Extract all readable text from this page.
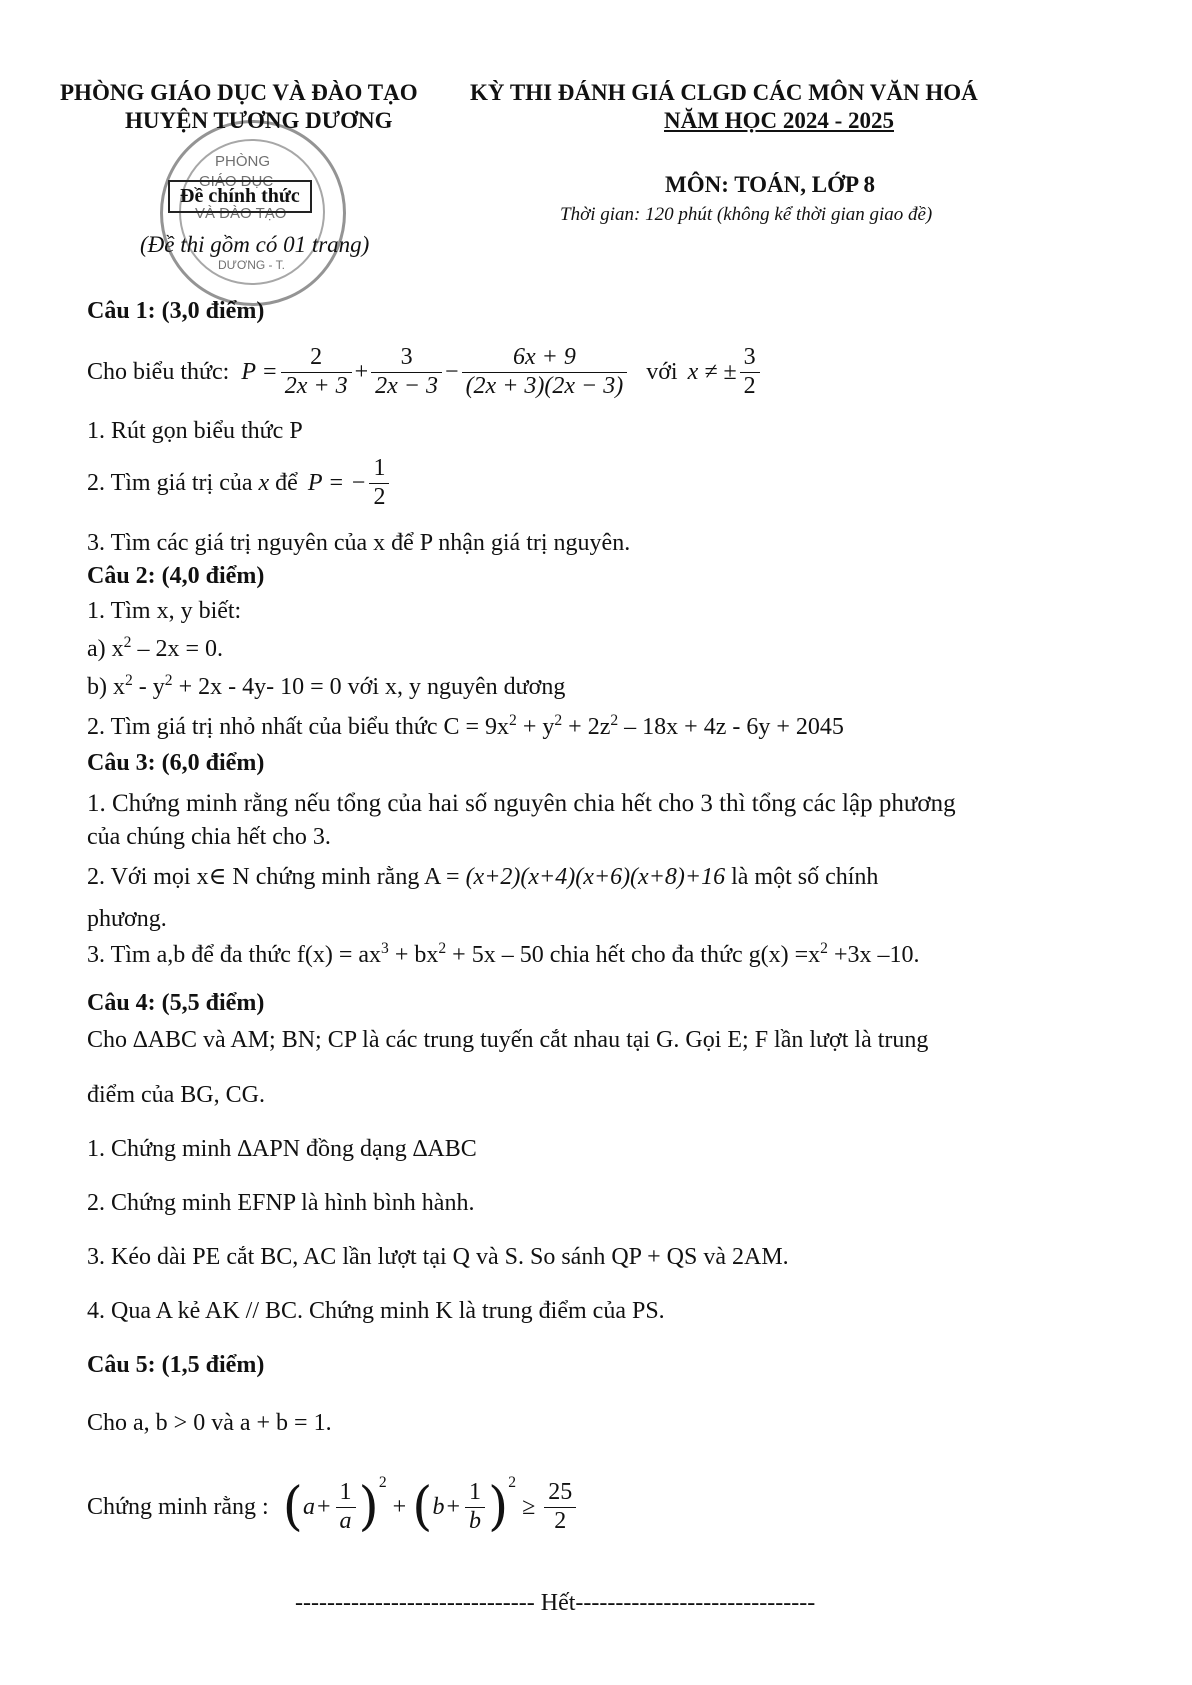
PHÒNG
GIÁO DỤC
VÀ ĐÀO TẠO
DƯƠNG - T.
PHÒNG GIÁO DỤC VÀ ĐÀO TẠO
HUYỆN TƯƠNG DƯƠNG
Đề chính thức
(Đề thi gồm có 01 trang)
KỲ THI ĐÁNH GIÁ CLGD CÁC MÔN VĂN HOÁ
NĂM HỌC 2024 - 2025
MÔN: TOÁN, LỚP 8
Thời gian: 120 phút (không kể thời gian giao đề)
Câu 1: (3,0 điểm)
Cho biểu thức: $P = \frac{2}{2x + 3} + \frac{3}{2x - 3} - \frac{6x + 9}{(2x + 3)(2x - 3)}$ với x ≠ ± $\frac{3}{2}$
1. Rút gọn biểu thức P
2. Tìm giá trị của x để P = − $\frac{1}{2}$
3. Tìm các giá trị nguyên của x để P nhận giá trị nguyên.
Câu 2: (4,0 điểm)
1. Tìm x, y biết:
a) $x^2 - 2x = 0$.
b) $x^2 - y^2 + 2x - 4y-$ 10 = 0 với x, y nguyên dương
2. Tìm giá trị nhỏ nhất của biểu thức $C = 9x^2 + y^2 + 2z^2 - 18x + 4z - 6y + 2045$
Câu 3: (6,0 điểm)
1. Chứng minh rằng nếu tổng của hai số nguyên chia hết cho 3 thì tổng các lập phương
của chúng chia hết cho 3.
2. Với mọi x∈ N chứng minh rằng A = (x+2)(x+4)(x+6)(x+8)+16 là một số chính
phương.
3. Tìm a,b để đa thức $f(x) = ax^3 + bx^2 + 5x - 50$ chia hết cho đa thức $g(x) =x^2 +3x$ –10.
Câu 4: (5,5 điểm)
Cho ∆ABC và AM; BN; CP là các trung tuyến cắt nhau tại G. Gọi E; F lần lượt là trung
điểm của BG, CG.
1. Chứng minh ∆APN đồng dạng ∆ABC
2. Chứng minh EFNP là hình bình hành.
3. Kéo dài PE cắt BC, AC lần lượt tại Q và S. So sánh QP + QS và 2AM.
4. Qua A kẻ AK // BC. Chứng minh K là trung điểm của PS.
Câu 5: (1,5 điểm)
Cho a, b > 0 và a + b = 1.
Chứng minh rằng : ( $a + \frac{1}{a} )^2$
+ ( $b + \frac{1}{b} )^2$
≥ $\frac{25}{2}$
------------------------------ Hết------------------------------
